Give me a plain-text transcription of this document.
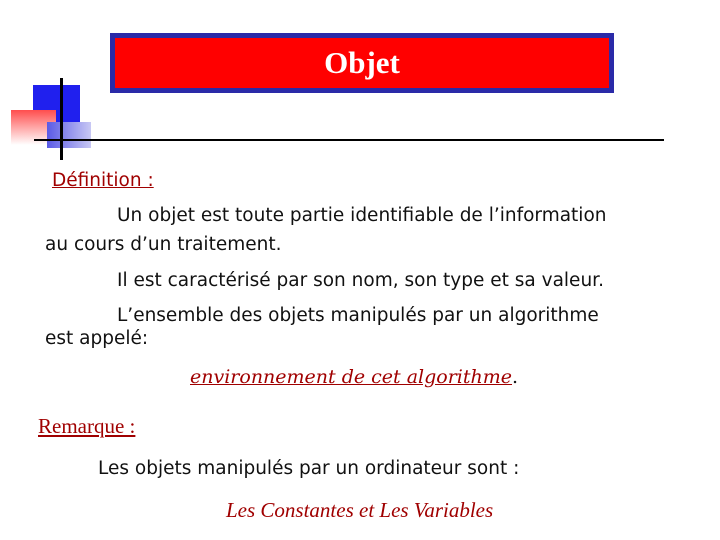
Objet
Définition :
Un objet est toute partie identifiable de l’information
au cours d’un traitement.
Il est caractérisé par son nom, son type et sa valeur.
L’ensemble des objets manipulés par un algorithme
est appelé:
environnement de cet algorithme.
Remarque :
Les objets manipulés par un ordinateur sont :
Les Constantes et Les Variables
